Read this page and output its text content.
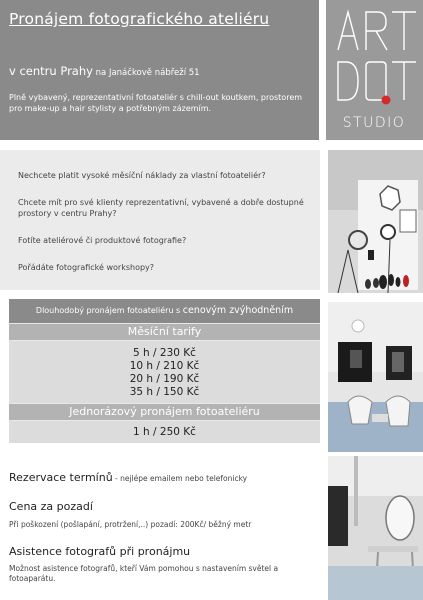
Pronájem fotografického ateliéru
v centru Prahy na Janáčkově nábřeží 51
Plně vybavený, reprezentativní fotoateliér s chill-out koutkem, prostorem pro make-up a hair stylisty a potřebným zázemím.
STUDIO
Nechcete platit vysoké měsíční náklady za vlastní fotoateliér?
Chcete mít pro své klienty reprezentativní, vybavené a dobře dostupné prostory v centru Prahy?
Fotíte ateliérové či produktové fotografie?
Pořádáte fotografické workshopy?
Dlouhodobý pronájem fotoateliéru s cenovým zvýhodněním
Měsíční tarify
5 h / 230 Kč
10 h / 210 Kč
20 h / 190 Kč
35 h / 150 Kč
Jednorázový pronájem fotoateliéru
1 h / 250 Kč
Rezervace termínů - nejlépe emailem nebo telefonicky
Cena za pozadí
Při poškození (pošlapání, protržení,..) pozadí: 200Kč/ běžný metr
Asistence fotografů při pronájmu
Možnost asistence fotografů, kteří Vám pomohou s nastavením světel a fotoaparátu.
